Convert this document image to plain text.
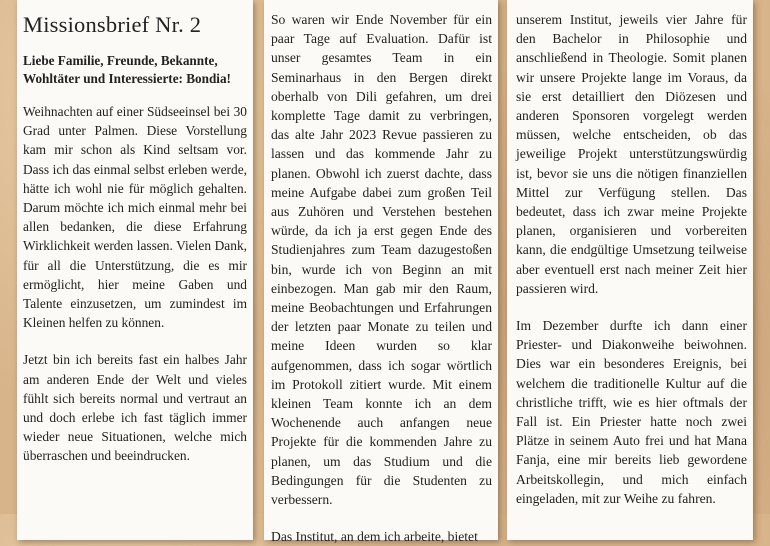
Missionsbrief Nr. 2

Liebe Familie, Freunde, Bekannte, Wohltäter und Interessierte: Bondia!

Weihnachten auf einer Südseeinsel bei 30 Grad unter Palmen. Diese Vorstellung kam mir schon als Kind seltsam vor. Dass ich das einmal selbst erleben werde, hätte ich wohl nie für möglich gehalten. Darum möchte ich mich einmal mehr bei allen bedanken, die diese Erfahrung Wirklichkeit werden lassen. Vielen Dank, für all die Unterstützung, die es mir ermöglicht, hier meine Gaben und Talente einzusetzen, um zumindest im Kleinen helfen zu können.

Jetzt bin ich bereits fast ein halbes Jahr am anderen Ende der Welt und vieles fühlt sich bereits normal und vertraut an und doch erlebe ich fast täglich immer wieder neue Situationen, welche mich überraschen und beeindrucken.

So waren wir Ende November für ein paar Tage auf Evaluation. Dafür ist unser gesamtes Team in ein Seminarhaus in den Bergen direkt oberhalb von Dili gefahren, um drei komplette Tage damit zu verbringen, das alte Jahr 2023 Revue passieren zu lassen und das kommende Jahr zu planen. Obwohl ich zuerst dachte, dass meine Aufgabe dabei zum großen Teil aus Zuhören und Verstehen bestehen würde, da ich ja erst gegen Ende des Studienjahres zum Team dazugestoßen bin, wurde ich von Beginn an mit einbezogen. Man gab mir den Raum, meine Beobachtungen und Erfahrungen der letzten paar Monate zu teilen und meine Ideen wurden so klar aufgenommen, dass ich sogar wörtlich im Protokoll zitiert wurde. Mit einem kleinen Team konnte ich an dem Wochenende auch anfangen neue Projekte für die kommenden Jahre zu planen, um das Studium und die Bedingungen für die Studenten zu verbessern.

Das Institut, an dem ich arbeite, bietet

unserem Institut, jeweils vier Jahre für den Bachelor in Philosophie und anschließend in Theologie. Somit planen wir unsere Projekte lange im Voraus, da sie erst detailliert den Diözesen und anderen Sponsoren vorgelegt werden müssen, welche entscheiden, ob das jeweilige Projekt unterstützungswürdig ist, bevor sie uns die nötigen finanziellen Mittel zur Verfügung stellen. Das bedeutet, dass ich zwar meine Projekte planen, organisieren und vorbereiten kann, die endgültige Umsetzung teilweise aber eventuell erst nach meiner Zeit hier passieren wird.

Im Dezember durfte ich dann einer Priester- und Diakonweihe beiwohnen. Dies war ein besonderes Ereignis, bei welchem die traditionelle Kultur auf die christliche trifft, wie es hier oftmals der Fall ist. Ein Priester hatte noch zwei Plätze in seinem Auto frei und hat Mana Fanja, eine mir bereits lieb gewordene Arbeitskollegin, und mich einfach eingeladen, mit zur Weihe zu fahren.
